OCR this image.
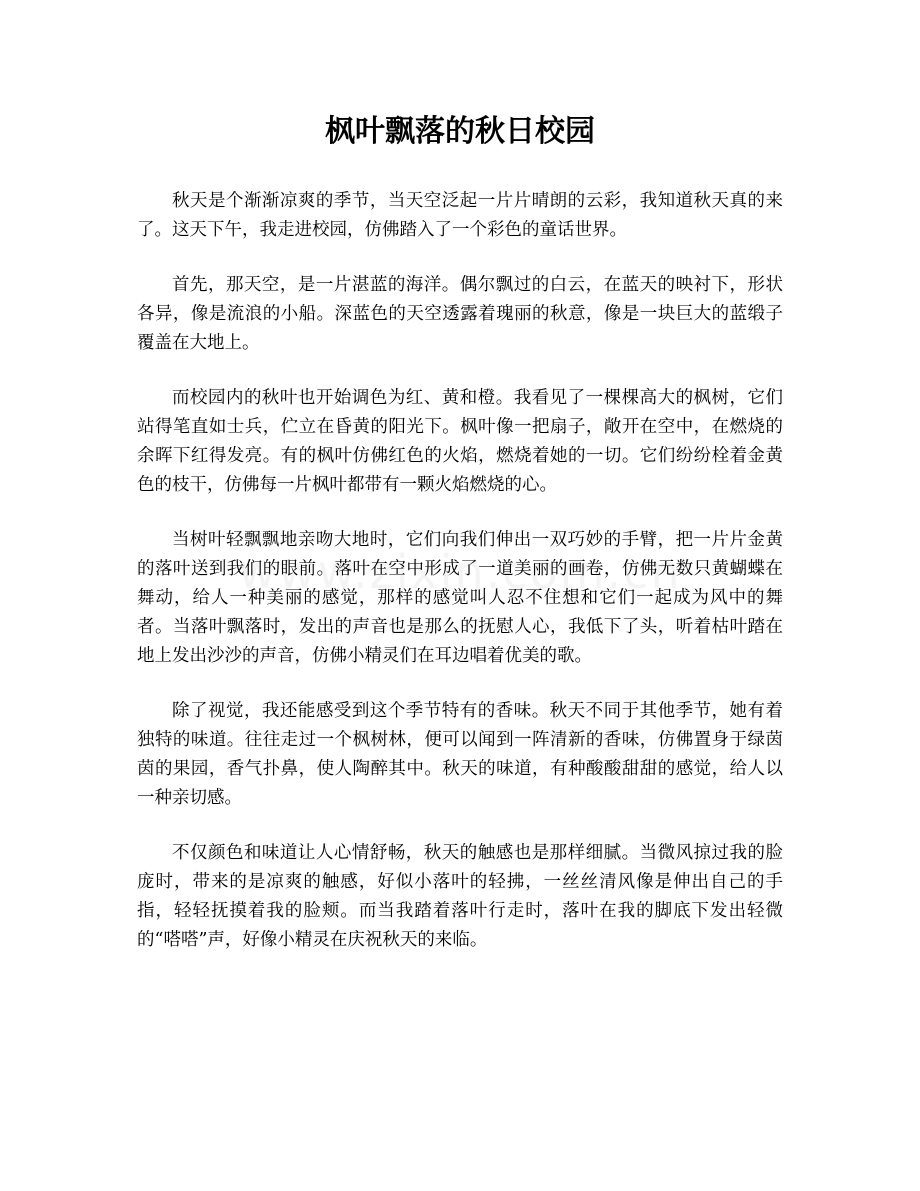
枫叶飘落的秋日校园

秋天是个渐渐凉爽的季节，当天空泛起一片片晴朗的云彩，我知道秋天真的来了。这天下午，我走进校园，仿佛踏入了一个彩色的童话世界。

首先，那天空，是一片湛蓝的海洋。偶尔飘过的白云，在蓝天的映衬下，形状各异，像是流浪的小船。深蓝色的天空透露着瑰丽的秋意，像是一块巨大的蓝缎子覆盖在大地上。

而校园内的秋叶也开始调色为红、黄和橙。我看见了一棵棵高大的枫树，它们站得笔直如士兵，伫立在昏黄的阳光下。枫叶像一把扇子，敞开在空中，在燃烧的余晖下红得发亮。有的枫叶仿佛红色的火焰，燃烧着她的一切。它们纷纷栓着金黄色的枝干，仿佛每一片枫叶都带有一颗火焰燃烧的心。

当树叶轻飘飘地亲吻大地时，它们向我们伸出一双巧妙的手臂，把一片片金黄的落叶送到我们的眼前。落叶在空中形成了一道美丽的画卷，仿佛无数只黄蝴蝶在舞动，给人一种美丽的感觉，那样的感觉叫人忍不住想和它们一起成为风中的舞者。当落叶飘落时，发出的声音也是那么的抚慰人心，我低下了头，听着枯叶踏在地上发出沙沙的声音，仿佛小精灵们在耳边唱着优美的歌。

除了视觉，我还能感受到这个季节特有的香味。秋天不同于其他季节，她有着独特的味道。往往走过一个枫树林，便可以闻到一阵清新的香味，仿佛置身于绿茵茵的果园，香气扑鼻，使人陶醉其中。秋天的味道，有种酸酸甜甜的感觉，给人以一种亲切感。

不仅颜色和味道让人心情舒畅，秋天的触感也是那样细腻。当微风掠过我的脸庞时，带来的是凉爽的触感，好似小落叶的轻拂，一丝丝清风像是伸出自己的手指，轻轻抚摸着我的脸颊。而当我踏着落叶行走时，落叶在我的脚底下发出轻微的“嗒嗒”声，好像小精灵在庆祝秋天的来临。
